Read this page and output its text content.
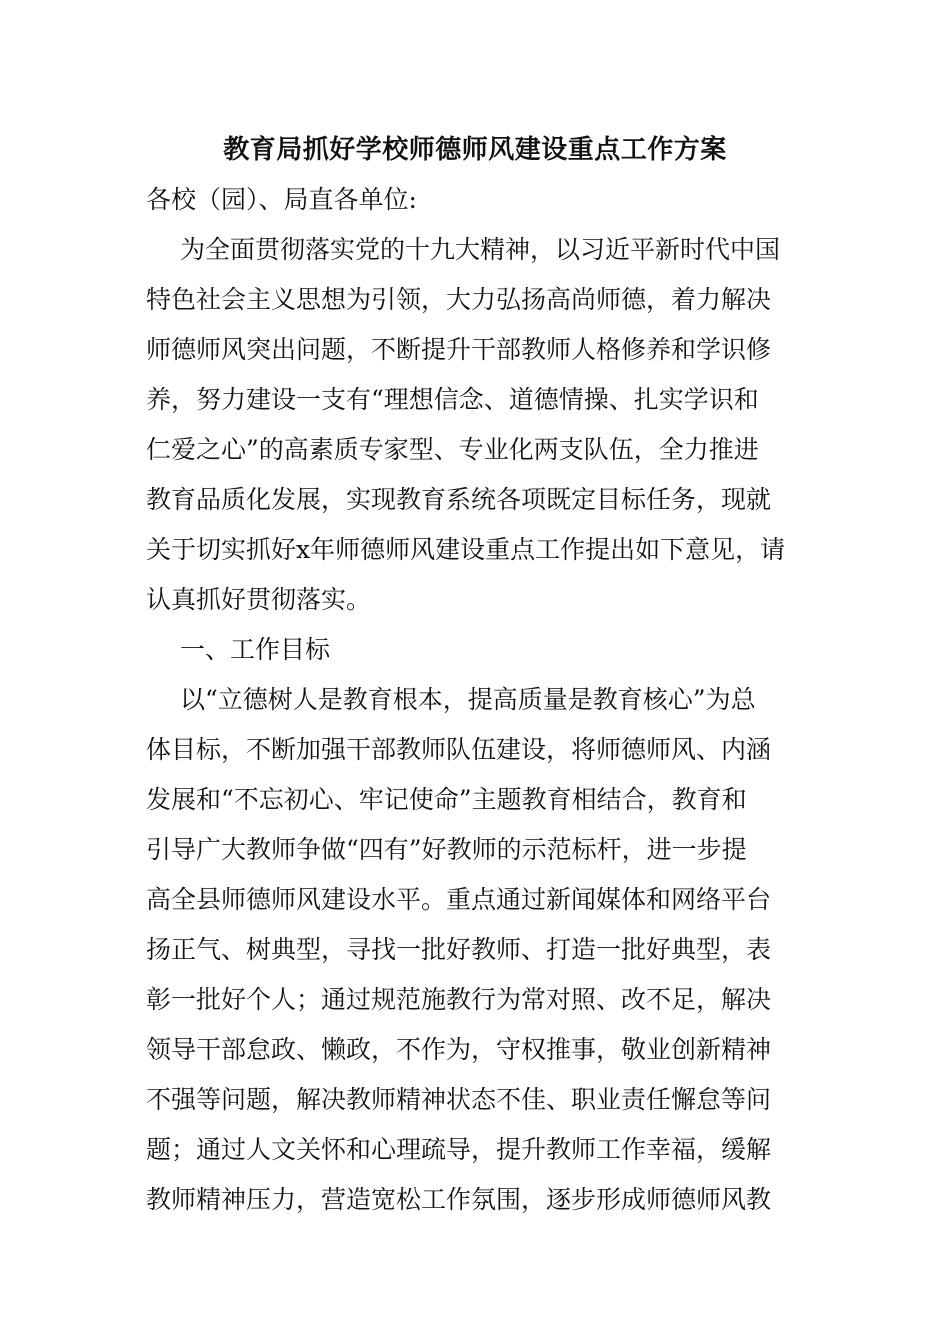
教育局抓好学校师德师风建设重点工作方案

各校（园）、局直各单位:

为全面贯彻落实党的十九大精神，以习近平新时代中国

特色社会主义思想为引领，大力弘扬高尚师德，着力解决

师德师风突出问题，不断提升干部教师人格修养和学识修

养，努力建设一支有“理想信念、道德情操、扎实学识和

仁爱之心”的高素质专家型、专业化两支队伍，全力推进

教育品质化发展，实现教育系统各项既定目标任务，现就

关于切实抓好x年师德师风建设重点工作提出如下意见，请

认真抓好贯彻落实。

一、工作目标

以“立德树人是教育根本，提高质量是教育核心”为总

体目标，不断加强干部教师队伍建设，将师德师风、内涵

发展和“不忘初心、牢记使命”主题教育相结合，教育和

引导广大教师争做“四有”好教师的示范标杆，进一步提

高全县师德师风建设水平。重点通过新闻媒体和网络平台

扬正气、树典型，寻找一批好教师、打造一批好典型，表

彰一批好个人；通过规范施教行为常对照、改不足，解决

领导干部怠政、懒政，不作为，守权推事，敬业创新精神

不强等问题，解决教师精神状态不佳、职业责任懈怠等问

题；通过人文关怀和心理疏导，提升教师工作幸福，缓解

教师精神压力，营造宽松工作氛围，逐步形成师德师风教
